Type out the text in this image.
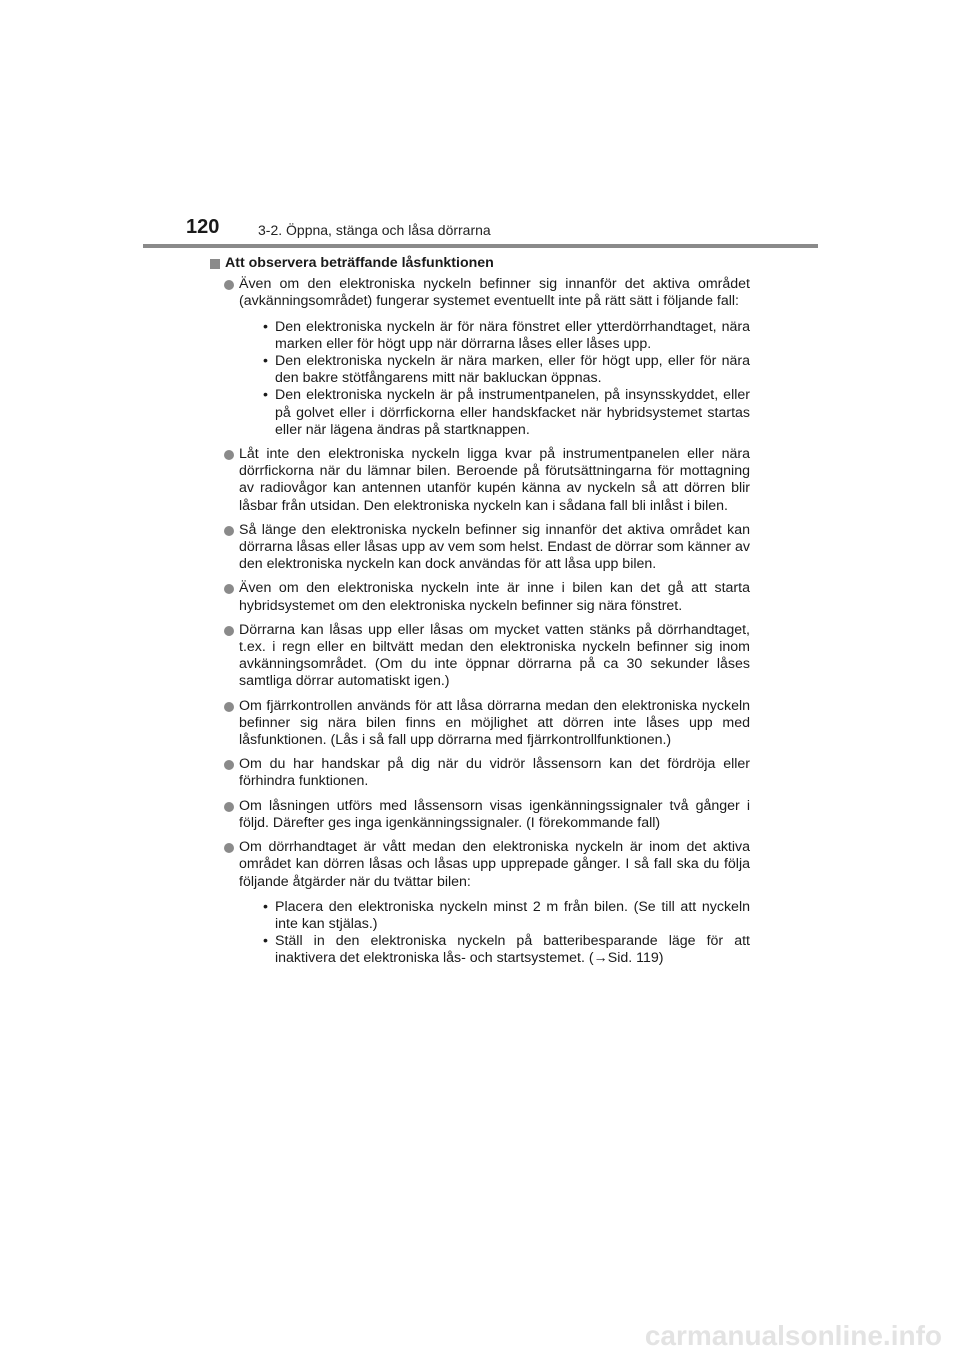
120	3-2. Öppna, stänga och låsa dörrarna
Att observera beträffande låsfunktionen
Även om den elektroniska nyckeln befinner sig innanför det aktiva området (avkänningsområdet) fungerar systemet eventuellt inte på rätt sätt i följande fall:
• Den elektroniska nyckeln är för nära fönstret eller ytterdörrhandtaget, nära marken eller för högt upp när dörrarna låses eller låses upp.
• Den elektroniska nyckeln är nära marken, eller för högt upp, eller för nära den bakre stötfångarens mitt när bakluckan öppnas.
• Den elektroniska nyckeln är på instrumentpanelen, på insynsskyddet, eller på golvet eller i dörrfickorna eller handskfacket när hybridsystemet startas eller när lägena ändras på startknappen.
Låt inte den elektroniska nyckeln ligga kvar på instrumentpanelen eller nära dörrfickorna när du lämnar bilen. Beroende på förutsättningarna för mottagning av radiovågor kan antennen utanför kupén känna av nyckeln så att dörren blir låsbar från utsidan. Den elektroniska nyckeln kan i sådana fall bli inlåst i bilen.
Så länge den elektroniska nyckeln befinner sig innanför det aktiva området kan dörrarna låsas eller låsas upp av vem som helst. Endast de dörrar som känner av den elektroniska nyckeln kan dock användas för att låsa upp bilen.
Även om den elektroniska nyckeln inte är inne i bilen kan det gå att starta hybridsystemet om den elektroniska nyckeln befinner sig nära fönstret.
Dörrarna kan låsas upp eller låsas om mycket vatten stänks på dörrhandtaget, t.ex. i regn eller en biltvätt medan den elektroniska nyckeln befinner sig inom avkänningsområdet. (Om du inte öppnar dörrarna på ca 30 sekunder låses samtliga dörrar automatiskt igen.)
Om fjärrkontrollen används för att låsa dörrarna medan den elektroniska nyckeln befinner sig nära bilen finns en möjlighet att dörren inte låses upp med låsfunktionen. (Lås i så fall upp dörrarna med fjärrkontrollfunktionen.)
Om du har handskar på dig när du vidrör låssensorn kan det fördröja eller förhindra funktionen.
Om låsningen utförs med låssensorn visas igenkänningssignaler två gånger i följd. Därefter ges inga igenkänningssignaler. (I förekommande fall)
Om dörrhandtaget är vått medan den elektroniska nyckeln är inom det aktiva området kan dörren låsas och låsas upp upprepade gånger. I så fall ska du följa följande åtgärder när du tvättar bilen:
• Placera den elektroniska nyckeln minst 2 m från bilen. (Se till att nyckeln inte kan stjälas.)
• Ställ in den elektroniska nyckeln på batteribesparande läge för att inaktivera det elektroniska lås- och startsystemet. (→Sid. 119)
carmanualsonline.info
